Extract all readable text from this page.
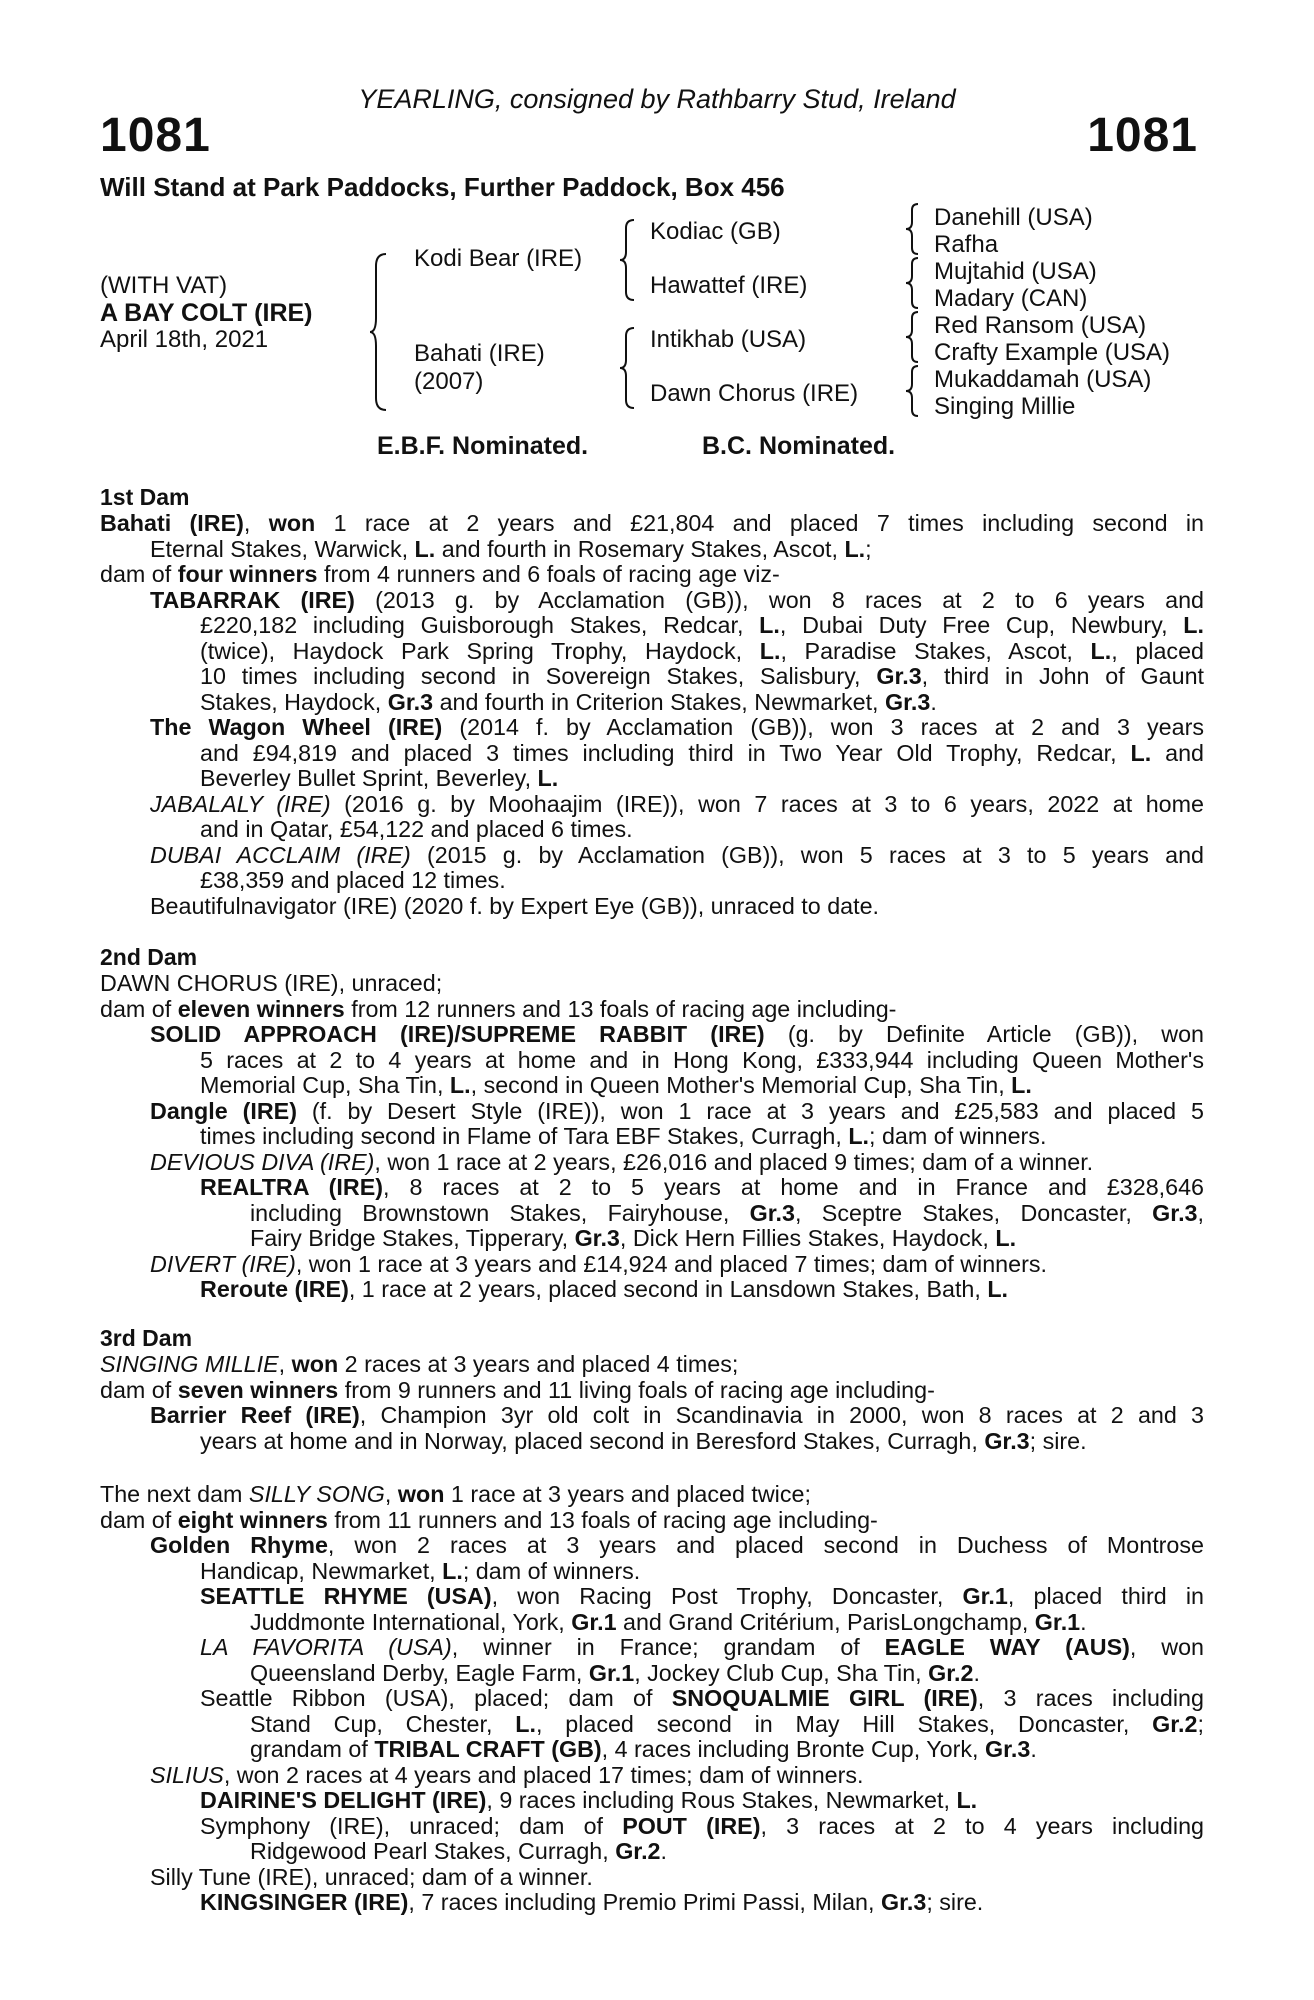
YEARLING, consigned by Rathbarry Stud, Ireland
1081	1081
Will Stand at Park Paddocks, Further Paddock, Box 456
(WITH VAT)
A BAY COLT (IRE)
April 18th, 2021
Kodi Bear (IRE)
Bahati (IRE)
(2007)
Kodiac (GB)
Hawattef (IRE)
Intikhab (USA)
Dawn Chorus (IRE)
Danehill (USA)
Rafha
Mujtahid (USA)
Madary (CAN)
Red Ransom (USA)
Crafty Example (USA)
Mukaddamah (USA)
Singing Millie
E.B.F. Nominated.	B.C. Nominated.
1st Dam
Bahati (IRE), won 1 race at 2 years and £21,804 and placed 7 times including second in
Eternal Stakes, Warwick, L. and fourth in Rosemary Stakes, Ascot, L.;
dam of four winners from 4 runners and 6 foals of racing age viz-
TABARRAK (IRE) (2013 g. by Acclamation (GB)), won 8 races at 2 to 6 years and
£220,182 including Guisborough Stakes, Redcar, L., Dubai Duty Free Cup, Newbury, L.
(twice), Haydock Park Spring Trophy, Haydock, L., Paradise Stakes, Ascot, L., placed
10 times including second in Sovereign Stakes, Salisbury, Gr.3, third in John of Gaunt
Stakes, Haydock, Gr.3 and fourth in Criterion Stakes, Newmarket, Gr.3.
The Wagon Wheel (IRE) (2014 f. by Acclamation (GB)), won 3 races at 2 and 3 years
and £94,819 and placed 3 times including third in Two Year Old Trophy, Redcar, L. and
Beverley Bullet Sprint, Beverley, L.
JABALALY (IRE) (2016 g. by Moohaajim (IRE)), won 7 races at 3 to 6 years, 2022 at home
and in Qatar, £54,122 and placed 6 times.
DUBAI ACCLAIM (IRE) (2015 g. by Acclamation (GB)), won 5 races at 3 to 5 years and
£38,359 and placed 12 times.
Beautifulnavigator (IRE) (2020 f. by Expert Eye (GB)), unraced to date.
2nd Dam
DAWN CHORUS (IRE), unraced;
dam of eleven winners from 12 runners and 13 foals of racing age including-
SOLID APPROACH (IRE)/SUPREME RABBIT (IRE) (g. by Definite Article (GB)), won
5 races at 2 to 4 years at home and in Hong Kong, £333,944 including Queen Mother's
Memorial Cup, Sha Tin, L., second in Queen Mother's Memorial Cup, Sha Tin, L.
Dangle (IRE) (f. by Desert Style (IRE)), won 1 race at 3 years and £25,583 and placed 5
times including second in Flame of Tara EBF Stakes, Curragh, L.; dam of winners.
DEVIOUS DIVA (IRE), won 1 race at 2 years, £26,016 and placed 9 times; dam of a winner.
REALTRA (IRE), 8 races at 2 to 5 years at home and in France and £328,646
including Brownstown Stakes, Fairyhouse, Gr.3, Sceptre Stakes, Doncaster, Gr.3,
Fairy Bridge Stakes, Tipperary, Gr.3, Dick Hern Fillies Stakes, Haydock, L.
DIVERT (IRE), won 1 race at 3 years and £14,924 and placed 7 times; dam of winners.
Reroute (IRE), 1 race at 2 years, placed second in Lansdown Stakes, Bath, L.
3rd Dam
SINGING MILLIE, won 2 races at 3 years and placed 4 times;
dam of seven winners from 9 runners and 11 living foals of racing age including-
Barrier Reef (IRE), Champion 3yr old colt in Scandinavia in 2000, won 8 races at 2 and 3
years at home and in Norway, placed second in Beresford Stakes, Curragh, Gr.3; sire.
The next dam SILLY SONG, won 1 race at 3 years and placed twice;
dam of eight winners from 11 runners and 13 foals of racing age including-
Golden Rhyme, won 2 races at 3 years and placed second in Duchess of Montrose
Handicap, Newmarket, L.; dam of winners.
SEATTLE RHYME (USA), won Racing Post Trophy, Doncaster, Gr.1, placed third in
Juddmonte International, York, Gr.1 and Grand Critérium, ParisLongchamp, Gr.1.
LA FAVORITA (USA), winner in France; grandam of EAGLE WAY (AUS), won
Queensland Derby, Eagle Farm, Gr.1, Jockey Club Cup, Sha Tin, Gr.2.
Seattle Ribbon (USA), placed; dam of SNOQUALMIE GIRL (IRE), 3 races including
Stand Cup, Chester, L., placed second in May Hill Stakes, Doncaster, Gr.2;
grandam of TRIBAL CRAFT (GB), 4 races including Bronte Cup, York, Gr.3.
SILIUS, won 2 races at 4 years and placed 17 times; dam of winners.
DAIRINE'S DELIGHT (IRE), 9 races including Rous Stakes, Newmarket, L.
Symphony (IRE), unraced; dam of POUT (IRE), 3 races at 2 to 4 years including
Ridgewood Pearl Stakes, Curragh, Gr.2.
Silly Tune (IRE), unraced; dam of a winner.
KINGSINGER (IRE), 7 races including Premio Primi Passi, Milan, Gr.3; sire.
